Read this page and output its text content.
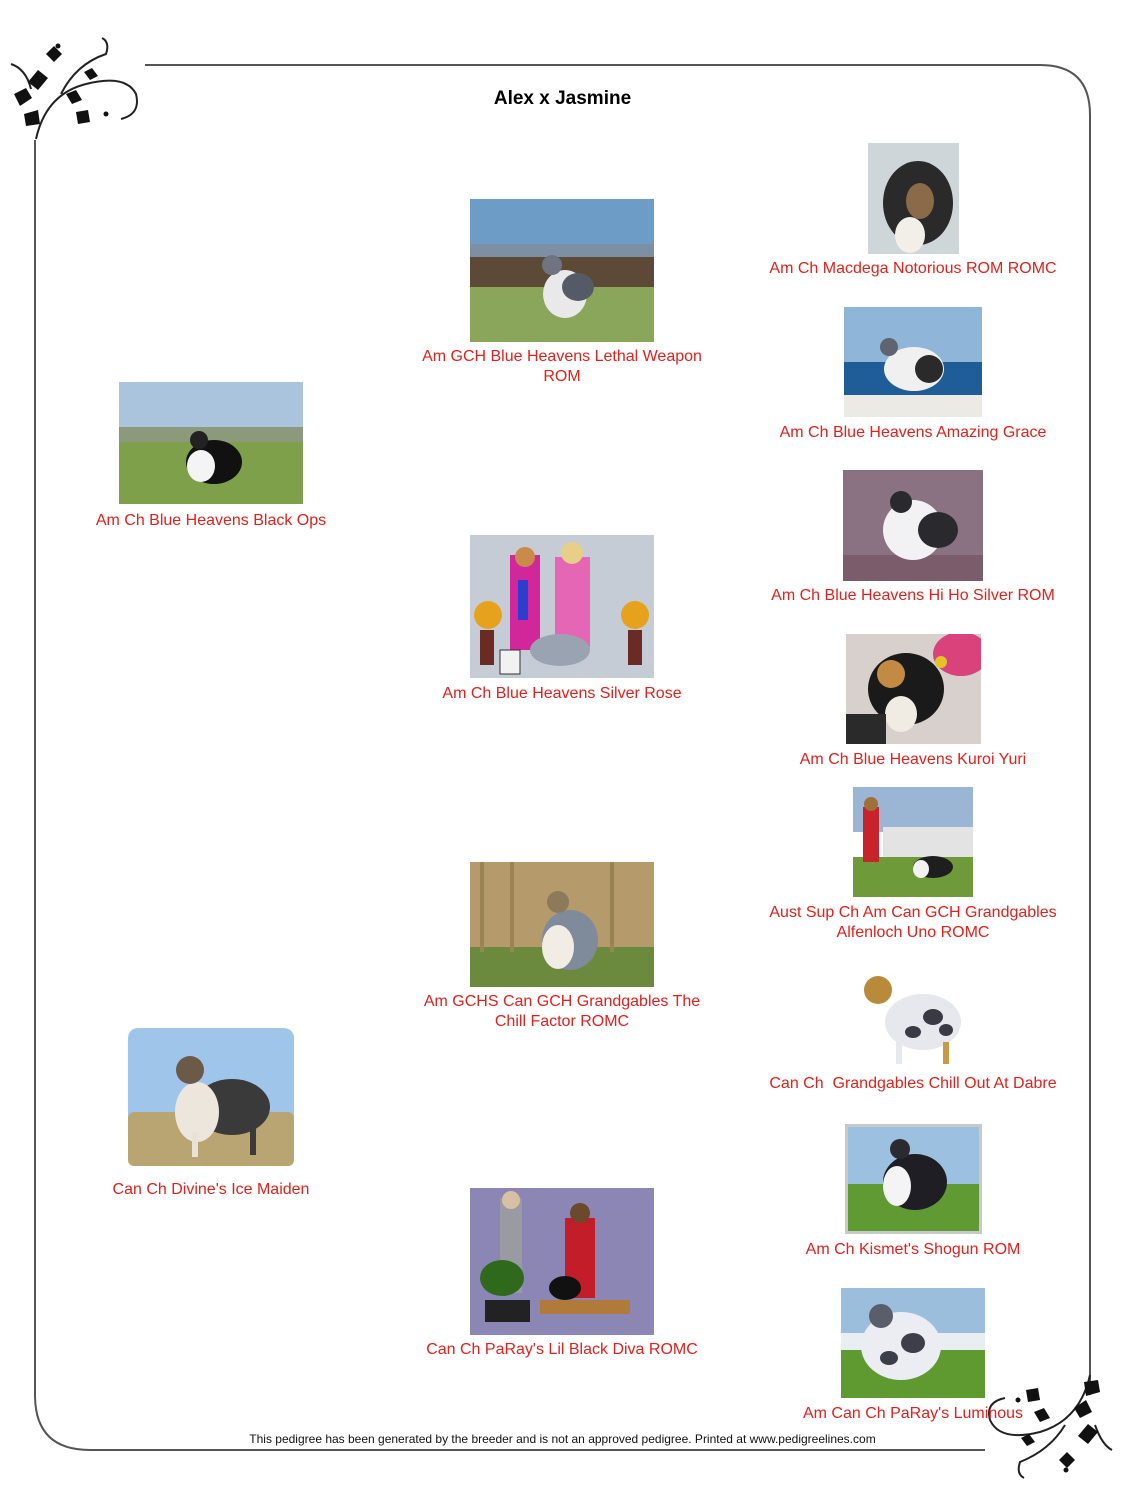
Alex x Jasmine
Am Ch Blue Heavens Black Ops
Can Ch Divine's Ice Maiden
Am GCH Blue Heavens Lethal Weapon
ROM
Am Ch Blue Heavens Silver Rose
Am GCHS Can GCH Grandgables The
Chill Factor ROMC
Can Ch PaRay's Lil Black Diva ROMC
Am Ch Macdega Notorious ROM ROMC
Am Ch Blue Heavens Amazing Grace
Am Ch Blue Heavens Hi Ho Silver ROM
Am Ch Blue Heavens Kuroi Yuri
Aust Sup Ch Am Can GCH Grandgables
Alfenloch Uno ROMC
Can Ch  Grandgables Chill Out At Dabre
Am Ch Kismet's Shogun ROM
Am Can Ch PaRay's Luminous
This pedigree has been generated by the breeder and is not an approved pedigree. Printed at www.pedigreelines.com
